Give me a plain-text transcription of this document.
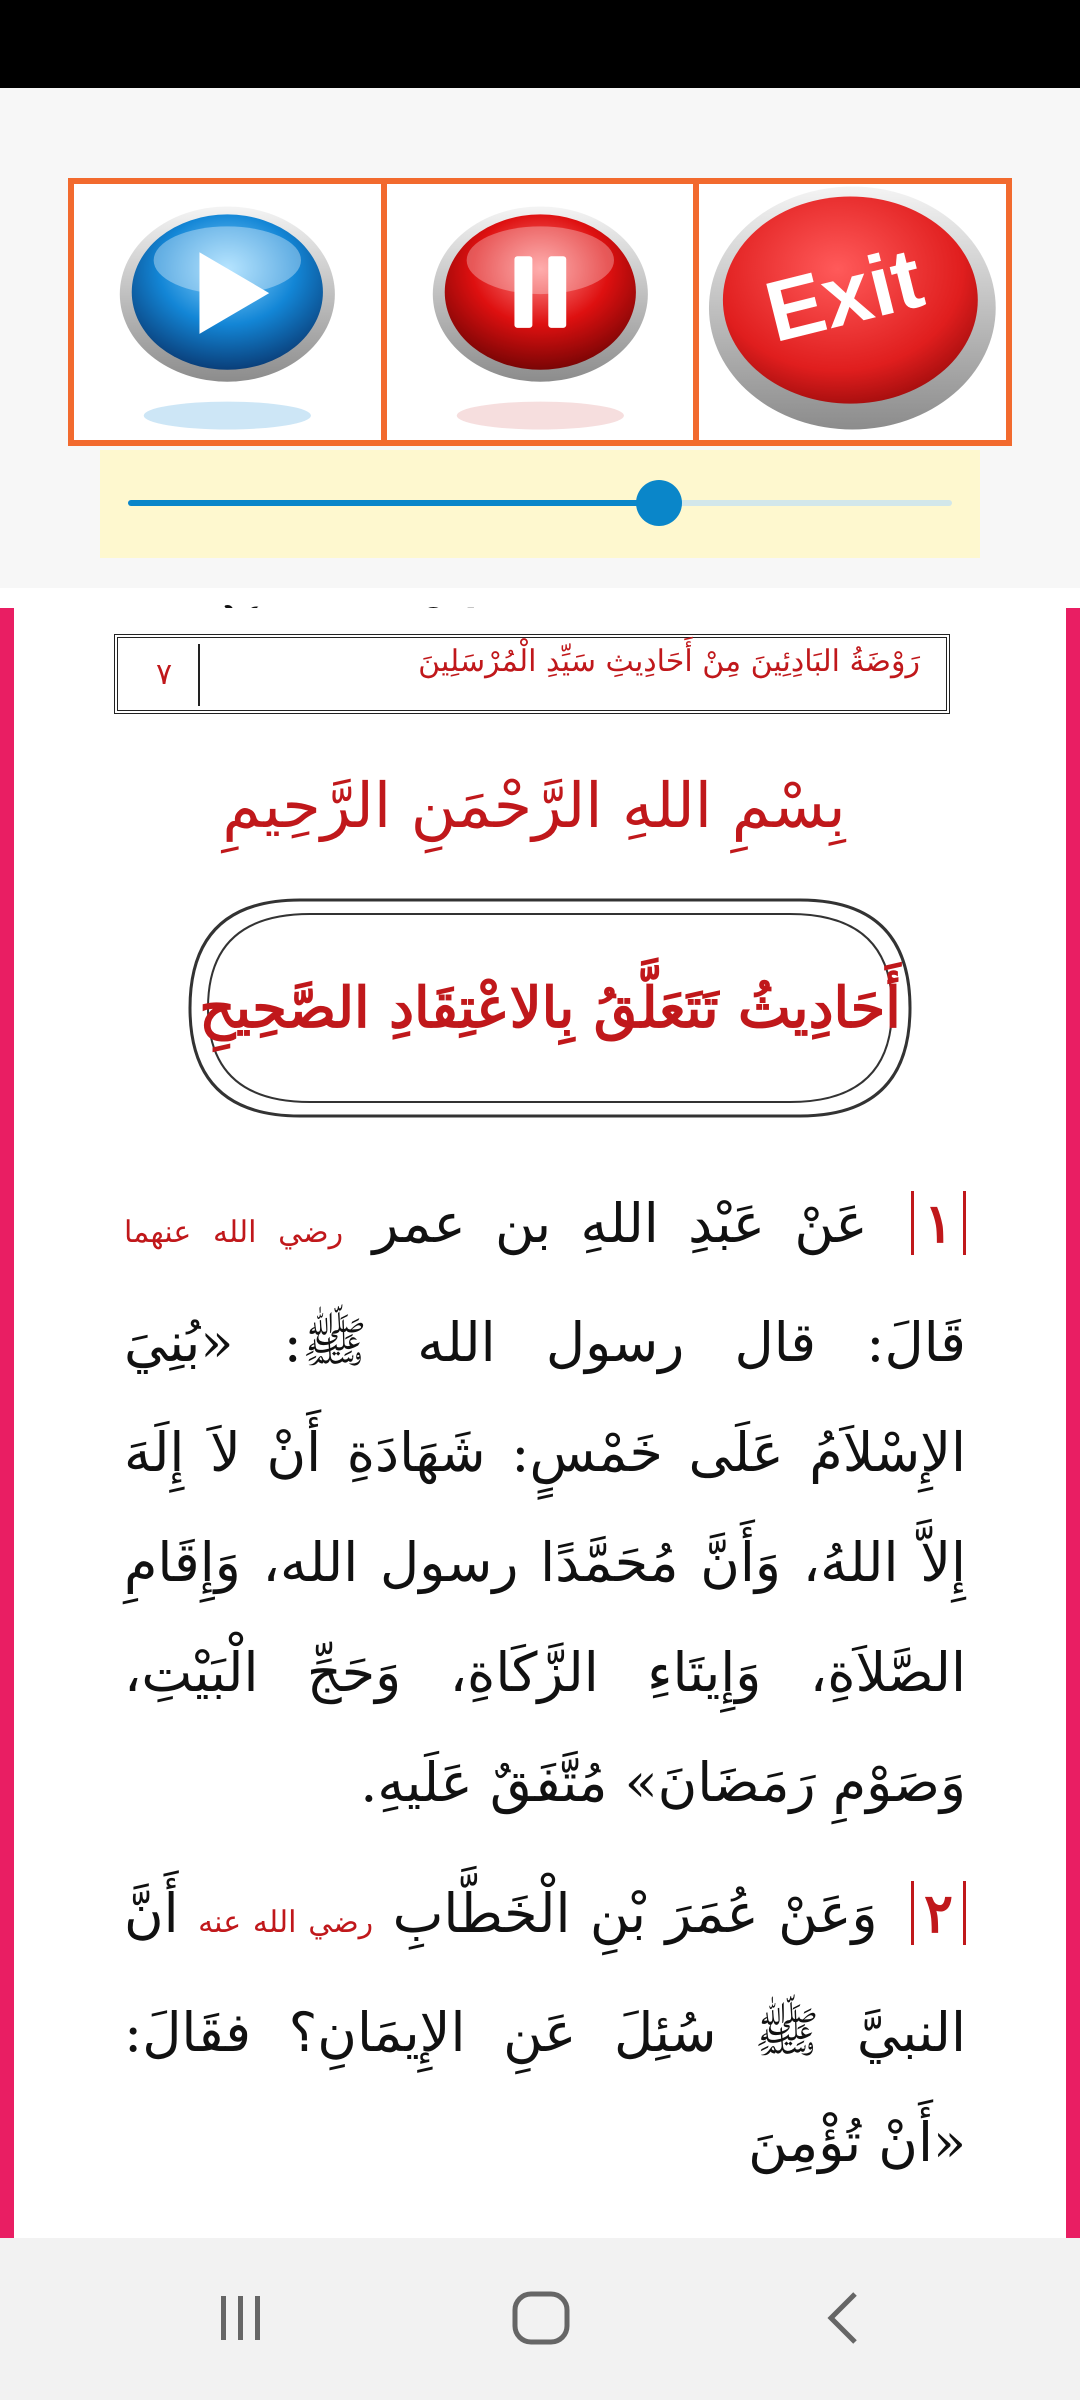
Exit
رَوْضَةُ البَادِئِينَ مِنْ أَحَادِيثِ سَيِّدِ الْمُرْسَلِينَ
٧
بِسْمِ اللهِ الرَّحْمَنِ الرَّحِيمِ
أَحَادِيثُ تَتَعَلَّقُ بِالاعْتِقَادِ الصَّحِيحِ

١ عَنْ عَبْدِ اللهِ بن عمر رضي الله عنهما قَالَ: قال رسول الله ﷺ: «بُنِيَ الإِسْلاَمُ عَلَى خَمْسٍ: شَهَادَةِ أَنْ لاَ إِلَهَ إِلاَّ اللهُ، وَأَنَّ مُحَمَّدًا رسول الله، وَإِقَامِ الصَّلاَةِ، وَإِيتَاءِ الزَّكَاةِ، وَحَجِّ الْبَيْتِ، وَصَوْمِ رَمَضَانَ» مُتَّفَقٌ عَلَيهِ.

٢ وَعَنْ عُمَرَ بْنِ الْخَطَّابِ رضي الله عنه أَنَّ النبيَّ ﷺ سُئِلَ عَنِ الإِيمَانِ؟ فقَالَ: «أَنْ تُؤْمِنَ
